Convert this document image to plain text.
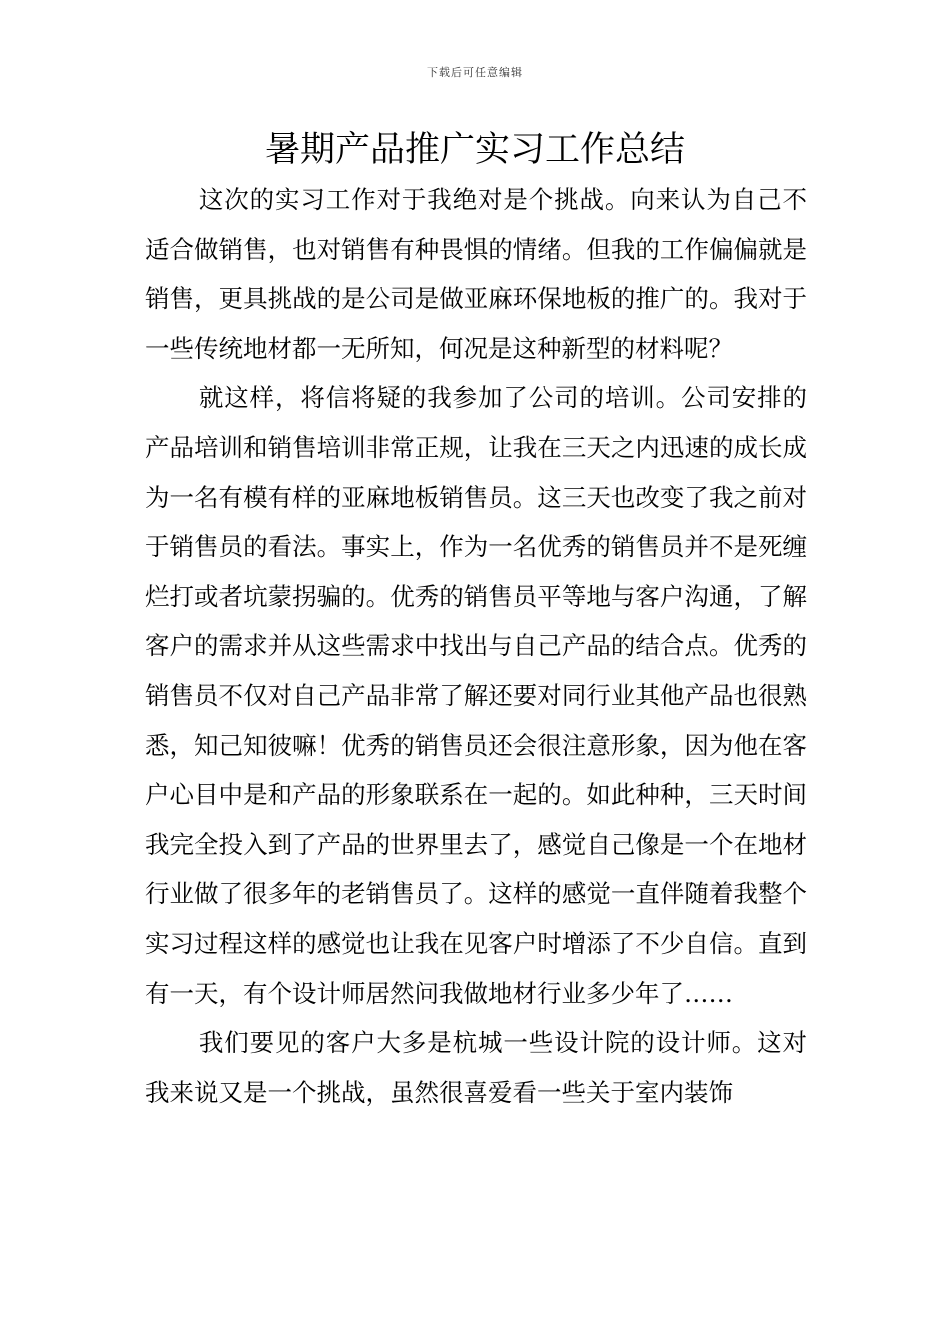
下载后可任意编辑
暑期产品推广实习工作总结

这次的实习工作对于我绝对是个挑战。向来认为自己不适合做销售，也对销售有种畏惧的情绪。但我的工作偏偏就是销售，更具挑战的是公司是做亚麻环保地板的推广的。我对于一些传统地材都一无所知，何况是这种新型的材料呢？

就这样，将信将疑的我参加了公司的培训。公司安排的产品培训和销售培训非常正规，让我在三天之内迅速的成长成为一名有模有样的亚麻地板销售员。这三天也改变了我之前对于销售员的看法。事实上，作为一名优秀的销售员并不是死缠烂打或者坑蒙拐骗的。优秀的销售员平等地与客户沟通，了解客户的需求并从这些需求中找出与自己产品的结合点。优秀的销售员不仅对自己产品非常了解还要对同行业其他产品也很熟悉，知己知彼嘛！优秀的销售员还会很注意形象，因为他在客户心目中是和产品的形象联系在一起的。如此种种，三天时间我完全投入到了产品的世界里去了，感觉自己像是一个在地材行业做了很多年的老销售员了。这样的感觉一直伴随着我整个实习过程这样的感觉也让我在见客户时增添了不少自信。直到有一天，有个设计师居然问我做地材行业多少年了……

我们要见的客户大多是杭城一些设计院的设计师。这对我来说又是一个挑战，虽然很喜爱看一些关于室内装饰
